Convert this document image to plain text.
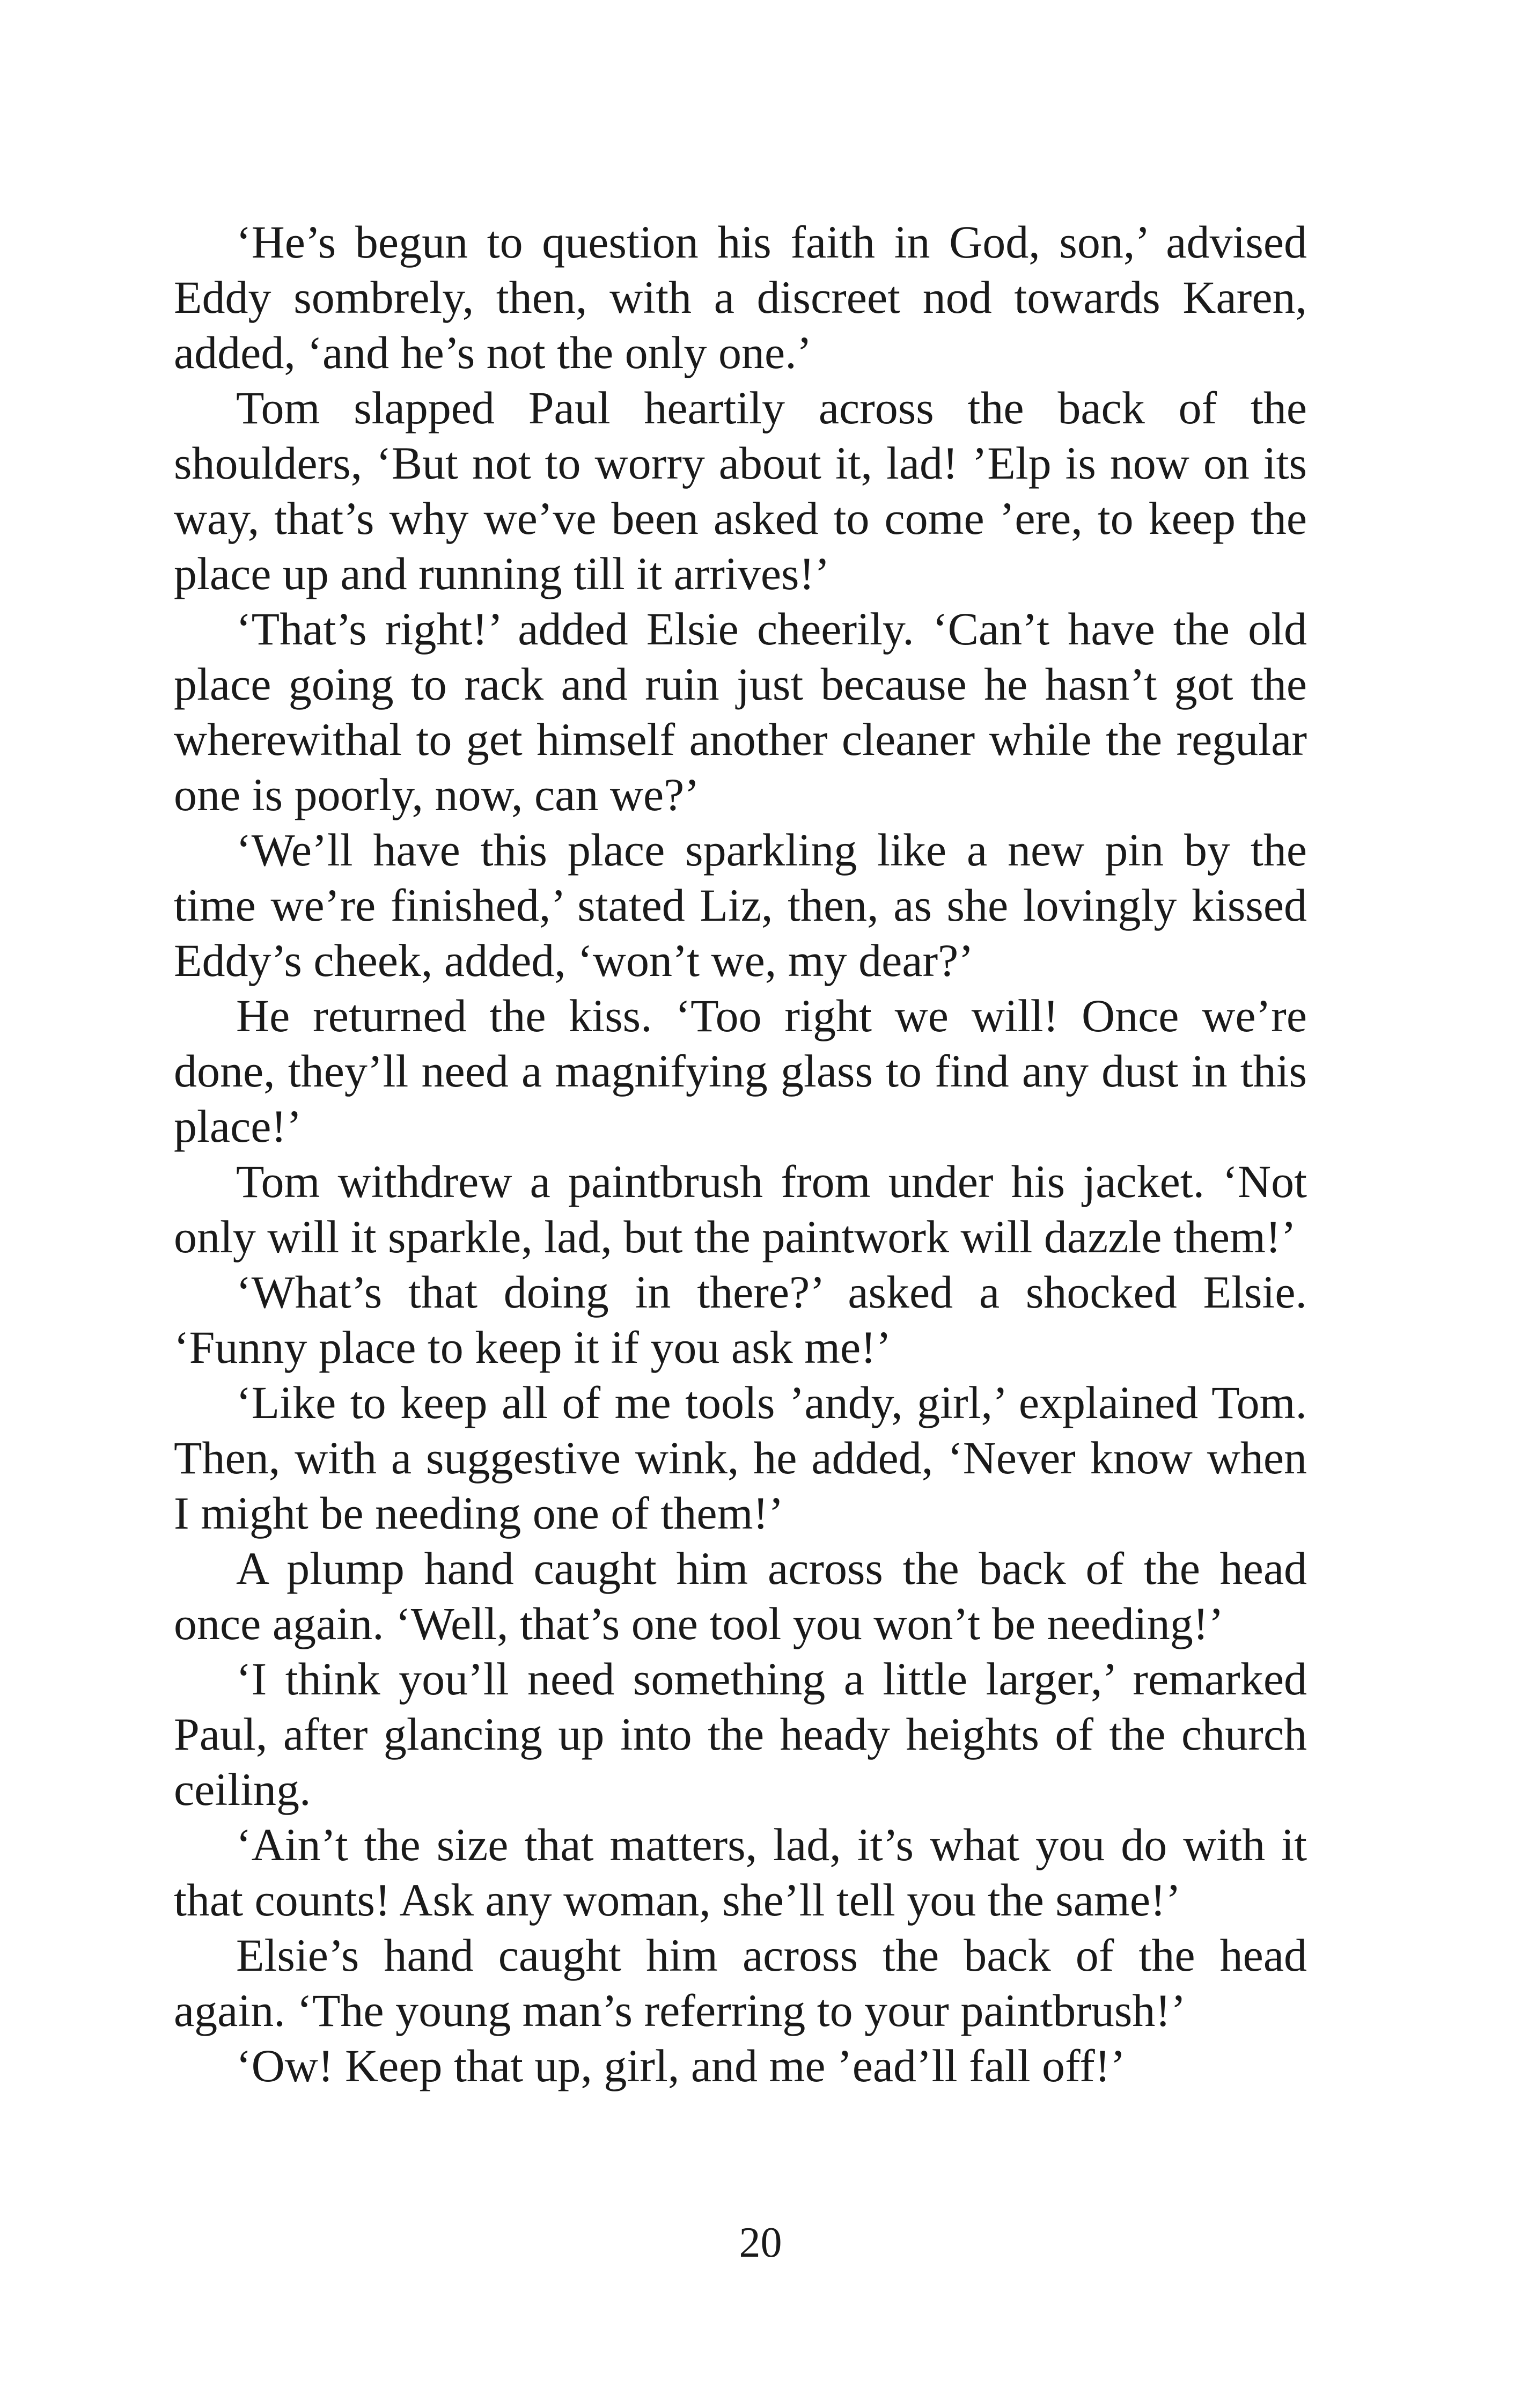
‘He’s begun to question his faith in God, son,’ advised Eddy sombrely, then, with a discreet nod towards Karen, added, ‘and he’s not the only one.’

Tom slapped Paul heartily across the back of the shoulders, ‘But not to worry about it, lad! ’Elp is now on its way, that’s why we’ve been asked to come ’ere, to keep the place up and running till it arrives!’

‘That’s right!’ added Elsie cheerily. ‘Can’t have the old place going to rack and ruin just because he hasn’t got the wherewithal to get himself another cleaner while the regular one is poorly, now, can we?’

‘We’ll have this place sparkling like a new pin by the time we’re finished,’ stated Liz, then, as she lovingly kissed Eddy’s cheek, added, ‘won’t we, my dear?’

He returned the kiss. ‘Too right we will! Once we’re done, they’ll need a magnifying glass to find any dust in this place!’

Tom withdrew a paintbrush from under his jacket. ‘Not only will it sparkle, lad, but the paintwork will dazzle them!’

‘What’s that doing in there?’ asked a shocked Elsie. ‘Funny place to keep it if you ask me!’

‘Like to keep all of me tools ’andy, girl,’ explained Tom. Then, with a suggestive wink, he added, ‘Never know when I might be needing one of them!’

A plump hand caught him across the back of the head once again. ‘Well, that’s one tool you won’t be needing!’

‘I think you’ll need something a little larger,’ remarked Paul, after glancing up into the heady heights of the church ceiling.

‘Ain’t the size that matters, lad, it’s what you do with it that counts! Ask any woman, she’ll tell you the same!’

Elsie’s hand caught him across the back of the head again. ‘The young man’s referring to your paintbrush!’

‘Ow! Keep that up, girl, and me ’ead’ll fall off!’

20
